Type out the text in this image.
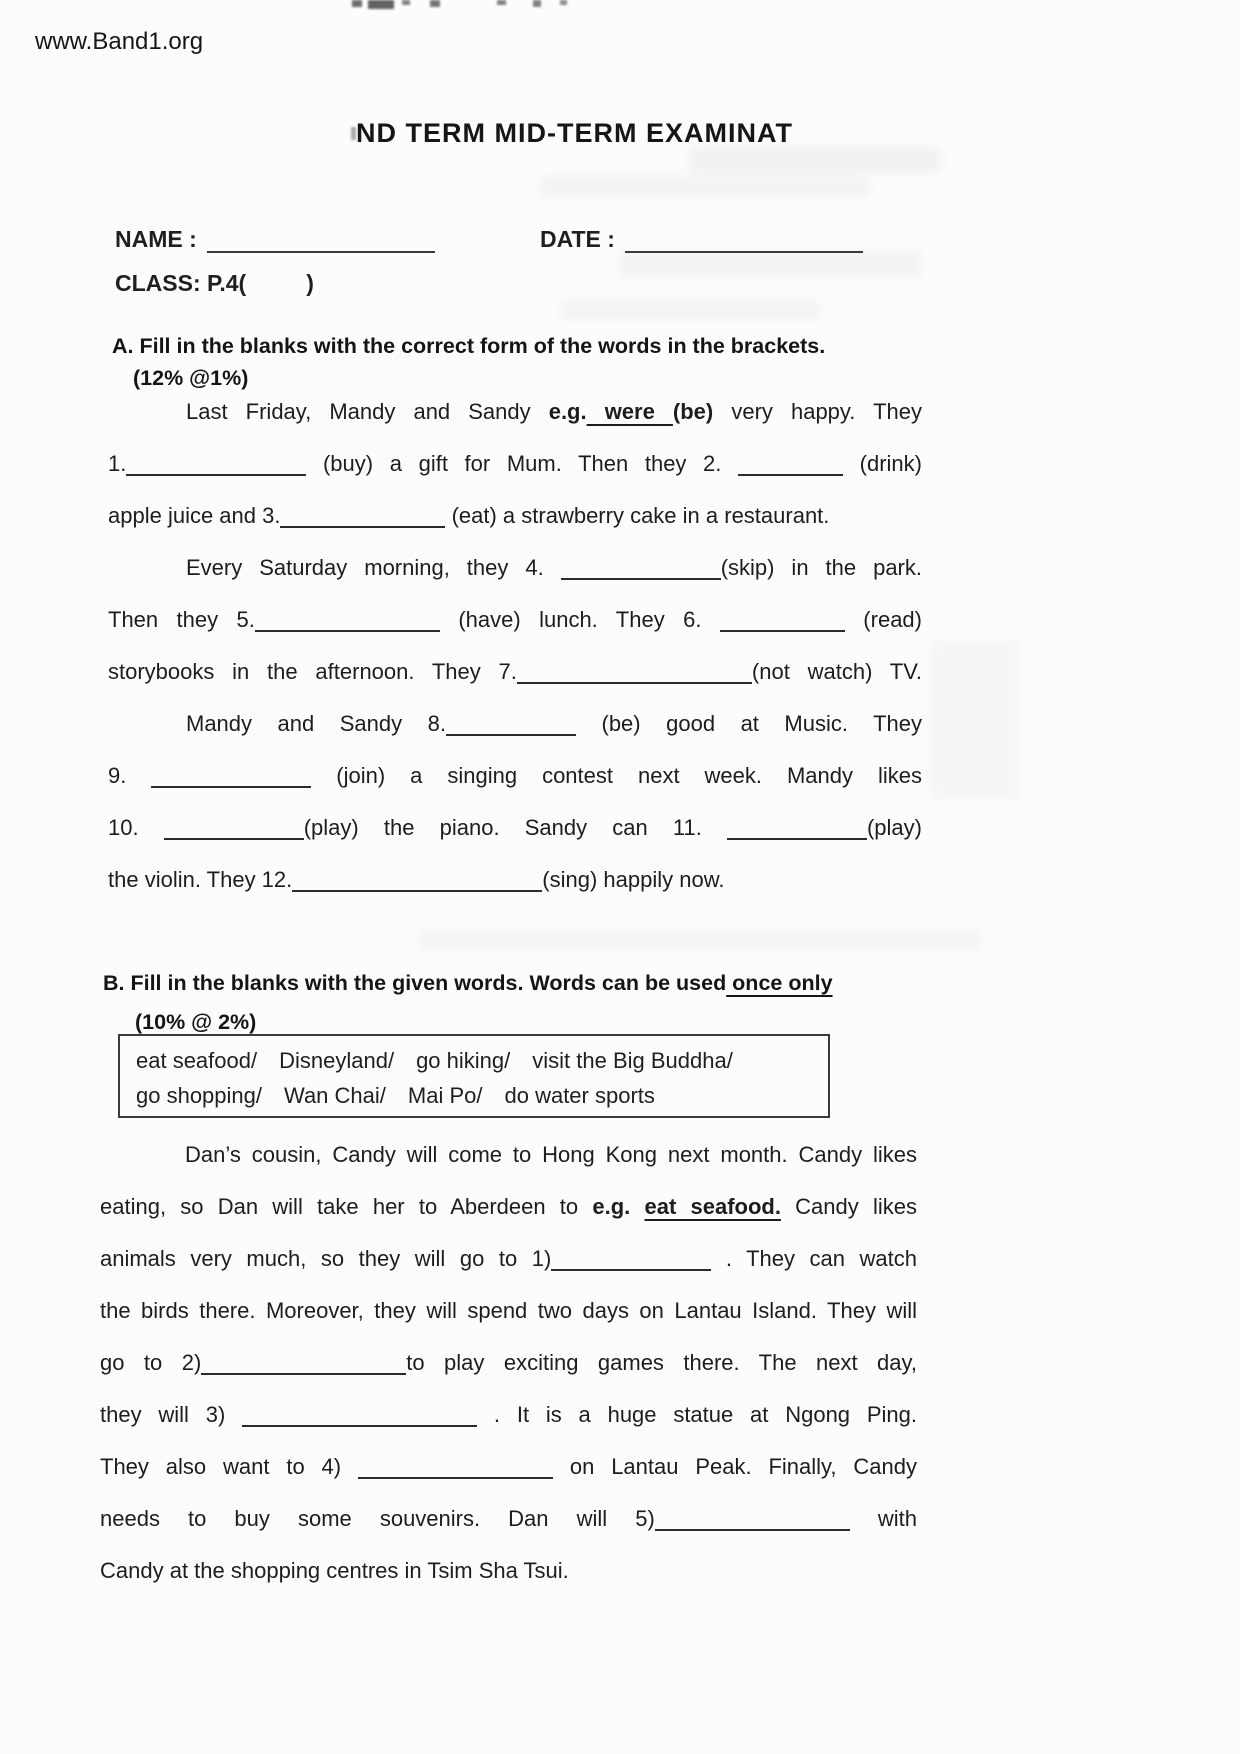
www.Band1.org
ND TERM MID-TERM EXAMINAT
NAME :	DATE :
CLASS: P.4(	)
A. Fill in the blanks with the correct form of the words in the brackets.
(12% @1%)
Last Friday, Mandy and Sandy e.g. were (be) very happy. They
1.	(buy) a gift for Mum. Then they 2.	(drink)
apple juice and 3.	(eat) a strawberry cake in a restaurant.
Every Saturday morning, they 4.	(skip) in the park.
Then they 5.	(have) lunch. They 6.	(read)
storybooks in the afternoon. They 7.	(not watch) TV.
Mandy and Sandy 8.	(be) good at Music. They
9.	(join) a singing contest next week. Mandy likes
10.	(play) the piano. Sandy can 11.	(play)
the violin. They 12.	(sing) happily now.
B. Fill in the blanks with the given words. Words can be used once only
(10% @ 2%)
eat seafood/ Disneyland/ go hiking/ visit the Big Buddha/
go shopping/ Wan Chai/ Mai Po/ do water sports
Dan’s cousin, Candy will come to Hong Kong next month. Candy likes
eating, so Dan will take her to Aberdeen to e.g. eat seafood. Candy likes
animals very much, so they will go to 1)	. They can watch
the birds there. Moreover, they will spend two days on Lantau Island. They will
go to 2)	to play exciting games there. The next day,
they will 3)	. It is a huge statue at Ngong Ping.
They also want to 4)	on Lantau Peak. Finally, Candy
needs to buy some souvenirs. Dan will 5)	with
Candy at the shopping centres in Tsim Sha Tsui.
